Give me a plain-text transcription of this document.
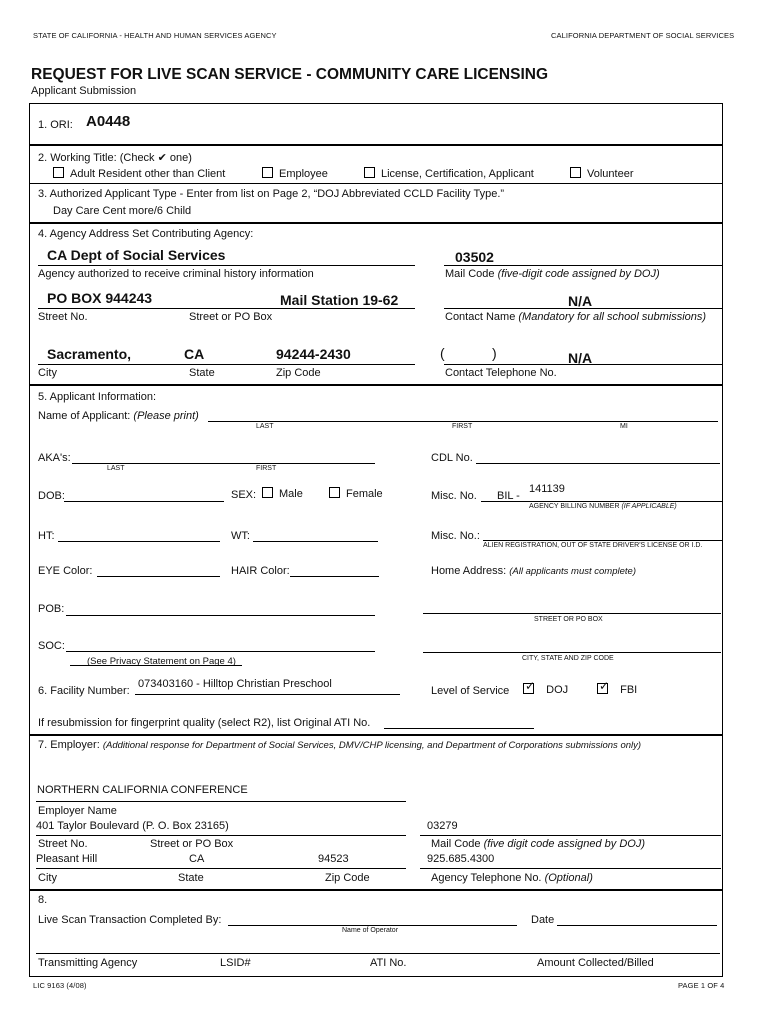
STATE OF CALIFORNIA - HEALTH AND HUMAN SERVICES AGENCY	CALIFORNIA DEPARTMENT OF SOCIAL SERVICES
REQUEST FOR LIVE SCAN SERVICE - COMMUNITY CARE LICENSING
Applicant Submission
1. ORI: A0448
2. Working Title: (Check ✔ one)
Adult Resident other than Client	Employee	License, Certification, Applicant	Volunteer
3. Authorized Applicant Type - Enter from list on Page 2, “DOJ Abbreviated CCLD Facility Type.”
Day Care Cent more/6 Child
4. Agency Address Set Contributing Agency:
CA Dept of Social Services
Agency authorized to receive criminal history information
03502
Mail Code (five-digit code assigned by DOJ)
PO BOX 944243	Mail Station 19-62
Street No.	Street or PO Box
N/A
Contact Name (Mandatory for all school submissions)
Sacramento,	CA	94244-2430
City	State	Zip Code
(	)	N/A
Contact Telephone No.
5. Applicant Information:
Name of Applicant: (Please print)
LAST	FIRST	MI
AKA's:
LAST	FIRST
CDL No.
DOB:	SEX:	Male	Female	Misc. No. BIL -
141139
AGENCY BILLING NUMBER (IF APPLICABLE)
HT:	WT:	Misc. No.:
ALIEN REGISTRATION, OUT OF STATE DRIVER'S LICENSE OR I.D.
EYE Color:	HAIR Color:	Home Address: (All applicants must complete)
STREET OR PO BOX
POB:
SOC:
(See Privacy Statement on Page 4)	CITY, STATE AND ZIP CODE
6. Facility Number:
073403160 - Hilltop Christian Preschool
Level of Service ✓ DOJ	✓ FBI
If resubmission for fingerprint quality (select R2), list Original ATI No.
7. Employer: (Additional response for Department of Social Services, DMV/CHP licensing, and Department of Corporations submissions only)
NORTHERN CALIFORNIA CONFERENCE
Employer Name
401 Taylor Boulevard (P. O. Box 23165)	03279
Street No.	Street or PO Box	Mail Code (five digit code assigned by DOJ)
Pleasant Hill	CA	94523	925.685.4300
City	State	Zip Code	Agency Telephone No. (Optional)
8.
Live Scan Transaction Completed By:
Name of Operator
Date
Transmitting Agency	LSID#	ATI No.	Amount Collected/Billed
LIC 9163 (4/08)	PAGE 1 OF 4
